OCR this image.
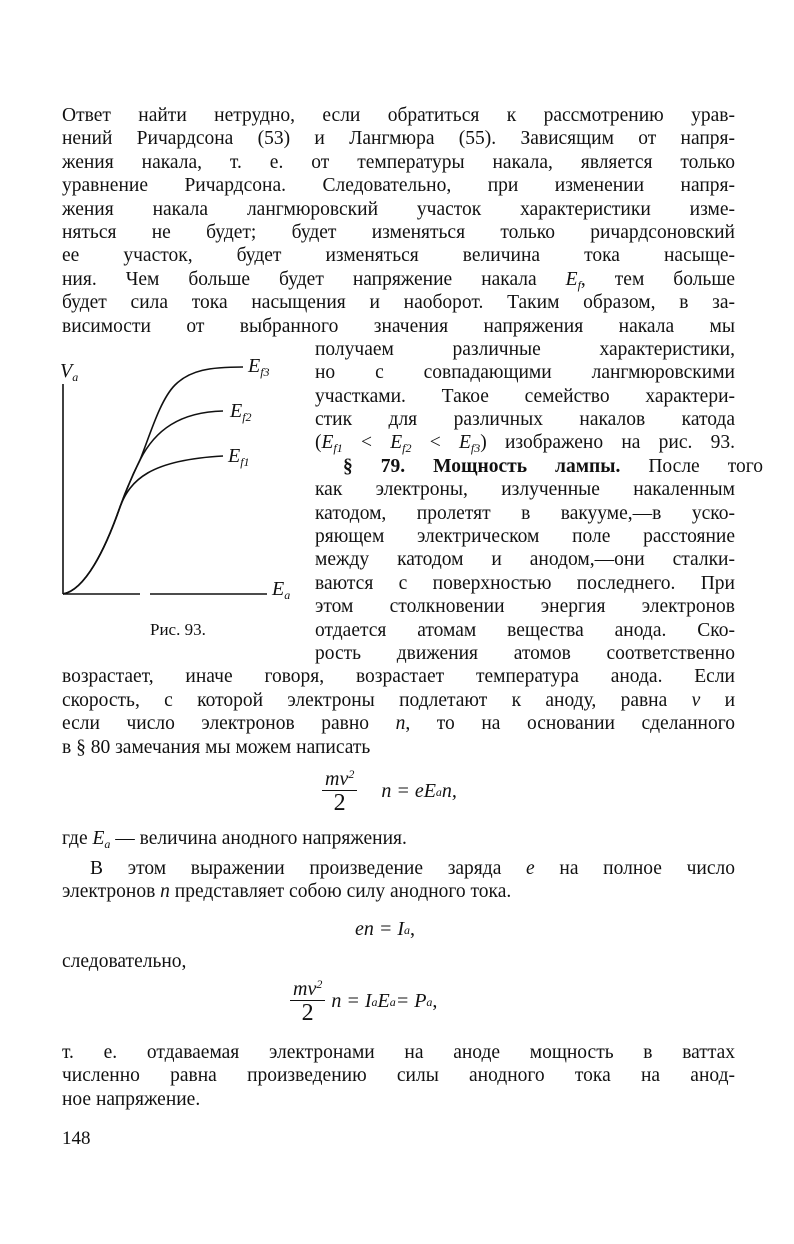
Ответ найти нетрудно, если обратиться к рассмотрению урав-
нений Ричардсона (53) и Лангмюра (55). Зависящим от напря-
жения накала, т. е. от температуры накала, является только
уравнение Ричардсона. Следовательно, при изменении напря-
жения накала лангмюровский участок характеристики изме-
няться не будет; будет изменяться только ричардсоновский
ее участок, будет изменяться величина тока насыще-
ния. Чем больше будет напряжение накала $E_f$, тем больше
будет сила тока насыщения и наоборот. Таким образом, в за-
висимости от выбранного значения напряжения накала мы
получаем различные характеристики,
но с совпадающими лангмюровскими
участками. Такое семейство характери-
стик для различных накалов катода
$(E_{f1} < E_{f2} < E_{f3})$ изображено на рис. 93.
§ 79. Мощность лампы. После того
как электроны, излученные накаленным
катодом, пролетят в вакууме,—в уско-
ряющем электрическом поле расстояние
между катодом и анодом,—они сталки-
ваются с поверхностью последнего. При
этом столкновении энергия электронов
отдается атомам вещества анода. Ско-
рость движения атомов соответственно
возрастает, иначе говоря, возрастает температура анода. Если
скорость, с которой электроны подлетают к аноду, равна v и
если число электронов равно n, то на основании сделанного
в § 80 замечания мы можем написать
$\frac{mv^2}{2}$ n = eE a n,
где $E_a$ — величина анодного напряжения.
В этом выражении произведение заряда e на полное число
электронов n представляет собою силу анодного тока.
en = I a ,
следовательно,
$\frac{mv^2}{2}$ n = I a E a = P a ,
т. е. отдаваемая электронами на аноде мощность в ваттах
численно равна произведению силы анодного тока на анод-
ное напряжение.
$V_a$
$E_a$
$E_{f3}$
$E_{f2}$
$E_{f1}$
Рис. 93.
148
